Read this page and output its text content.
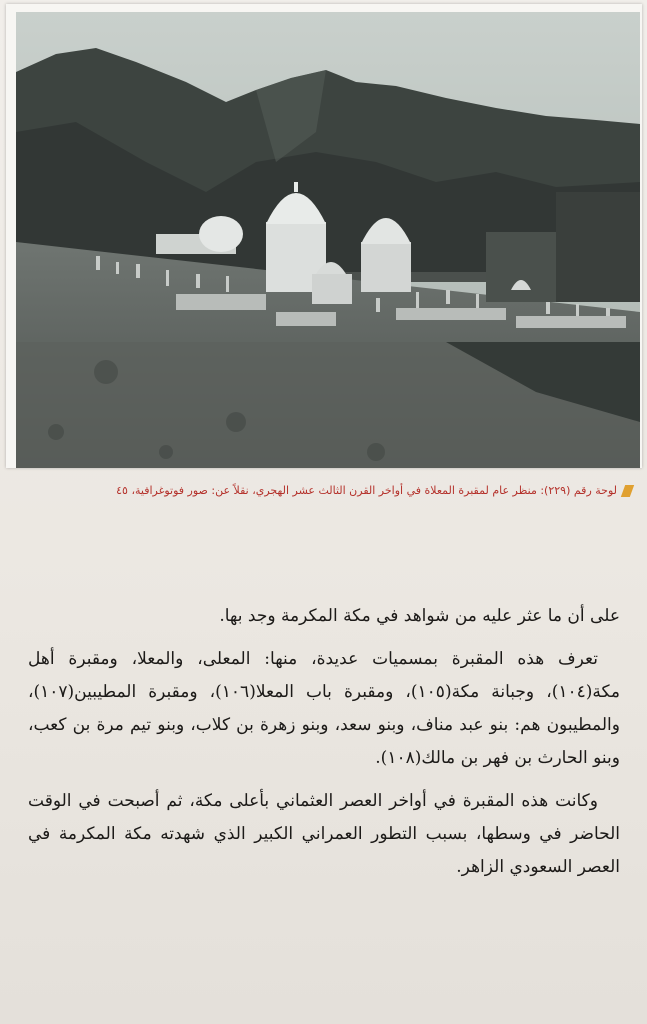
لوحة رقم (٢٢٩): منظر عام لمقبرة المعلاة في أواخر القرن الثالث عشر الهجري، نقلاً عن: صور فوتوغرافية، ٤٥

على أن ما عثر عليه من شواهد في مكة المكرمة وجد بها.

تعرف هذه المقبرة بمسميات عديدة، منها: المعلى، والمعلا، ومقبرة أهل مكة(١٠٤)، وجبانة مكة(١٠٥)، ومقبرة باب المعلا(١٠٦)، ومقبرة المطيبين(١٠٧)، والمطيبون هم: بنو عبد مناف، وبنو سعد، وبنو زهرة بن كلاب، وبنو تيم مرة بن كعب، وبنو الحارث بن فهر بن مالك(١٠٨).

وكانت هذه المقبرة في أواخر العصر العثماني بأعلى مكة، ثم أصبحت في الوقت الحاضر في وسطها، بسبب التطور العمراني الكبير الذي شهدته مكة المكرمة في العصر السعودي الزاهر.
